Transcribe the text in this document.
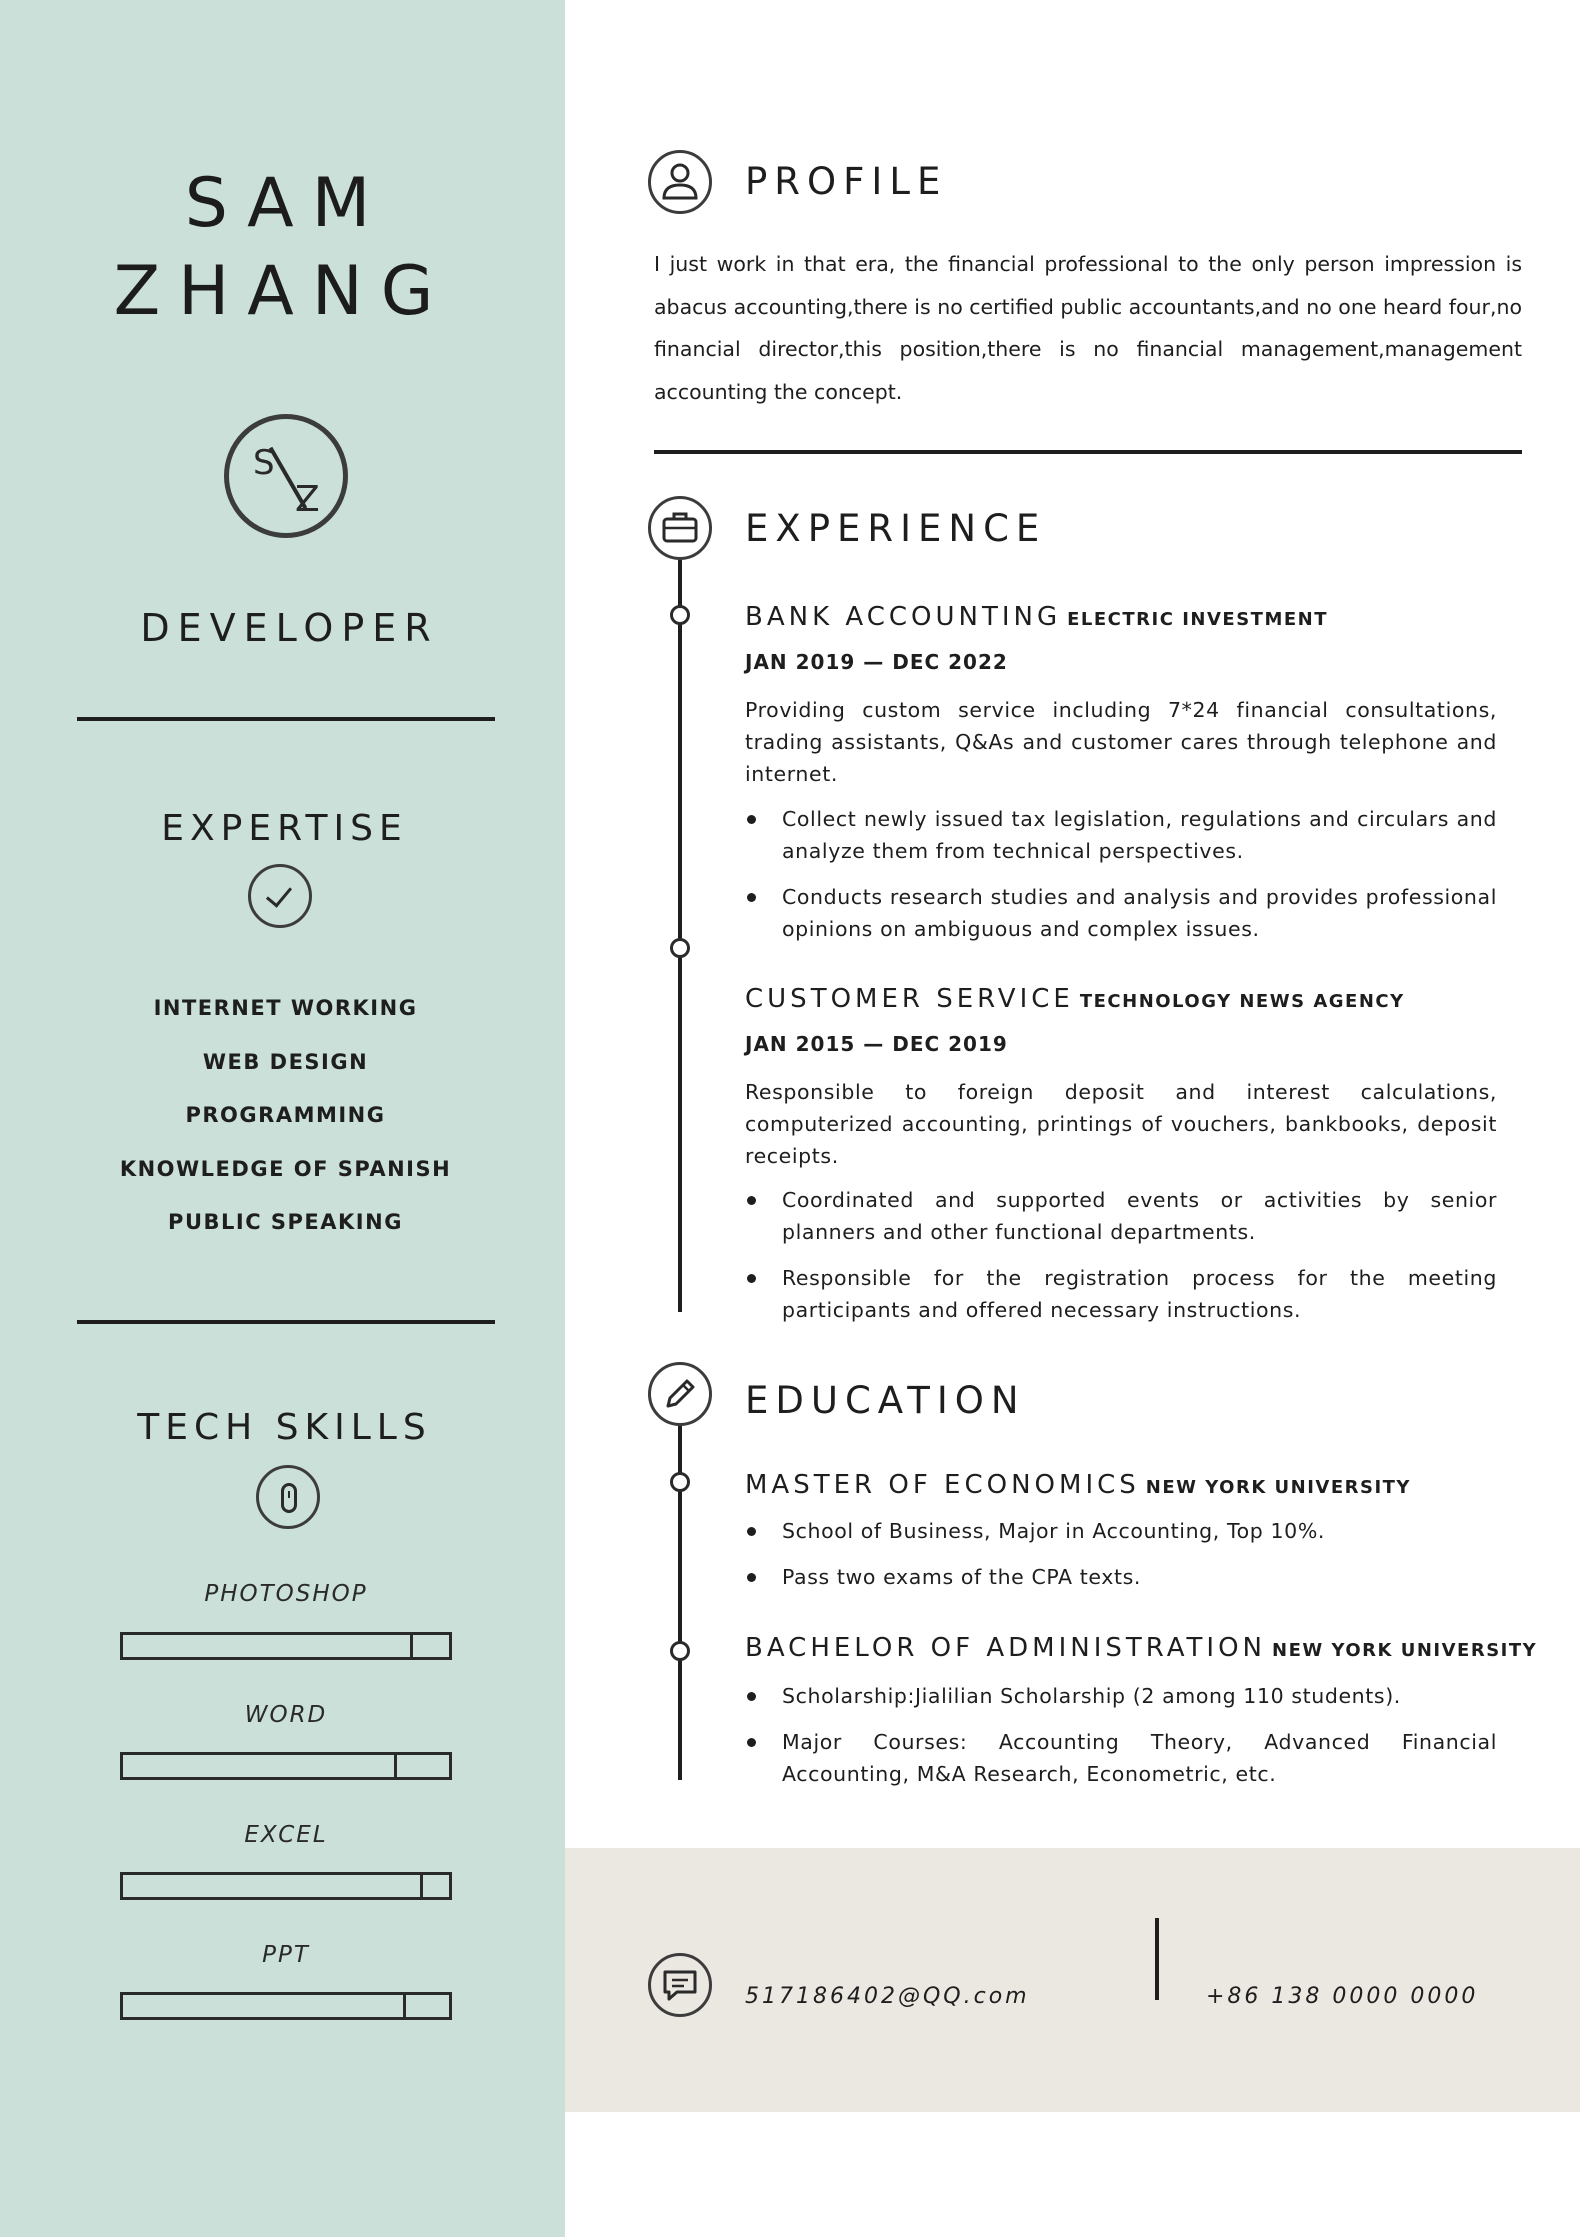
SAM
ZHANG
S
Z
DEVELOPER
EXPERTISE
INTERNET WORKING
WEB DESIGN
PROGRAMMING
KNOWLEDGE OF SPANISH
PUBLIC SPEAKING
TECH SKILLS
PHOTOSHOP
WORD
EXCEL
PPT
PROFILE
I just work in that era, the financial professional to the only person impression is abacus accounting,there is no certified public accountants,and no one heard four,no financial director,this position,there is no financial management,management accounting the concept.
EXPERIENCE
BANK ACCOUNTING ELECTRIC INVESTMENT
JAN 2019 — DEC 2022
Providing custom service including 7*24 financial consultations, trading assistants, Q&As and customer cares through telephone and internet.
Collect newly issued tax legislation, regulations and circulars and analyze them from technical perspectives.
Conducts research studies and analysis and provides professional opinions on ambiguous and complex issues.
CUSTOMER SERVICE TECHNOLOGY NEWS AGENCY
JAN 2015 — DEC 2019
Responsible to foreign deposit and interest calculations, computerized accounting, printings of vouchers, bankbooks, deposit receipts.
Coordinated and supported events or activities by senior planners and other functional departments.
Responsible for the registration process for the meeting participants and offered necessary instructions.
EDUCATION
MASTER OF ECONOMICS NEW YORK UNIVERSITY
School of Business, Major in Accounting, Top 10%.
Pass two exams of the CPA texts.
BACHELOR OF ADMINISTRATION NEW YORK UNIVERSITY
Scholarship:Jialilian Scholarship (2 among 110 students).
Major Courses: Accounting Theory, Advanced Financial Accounting, M&A Research, Econometric, etc.
517186402@QQ.com	+86 138 0000 0000
